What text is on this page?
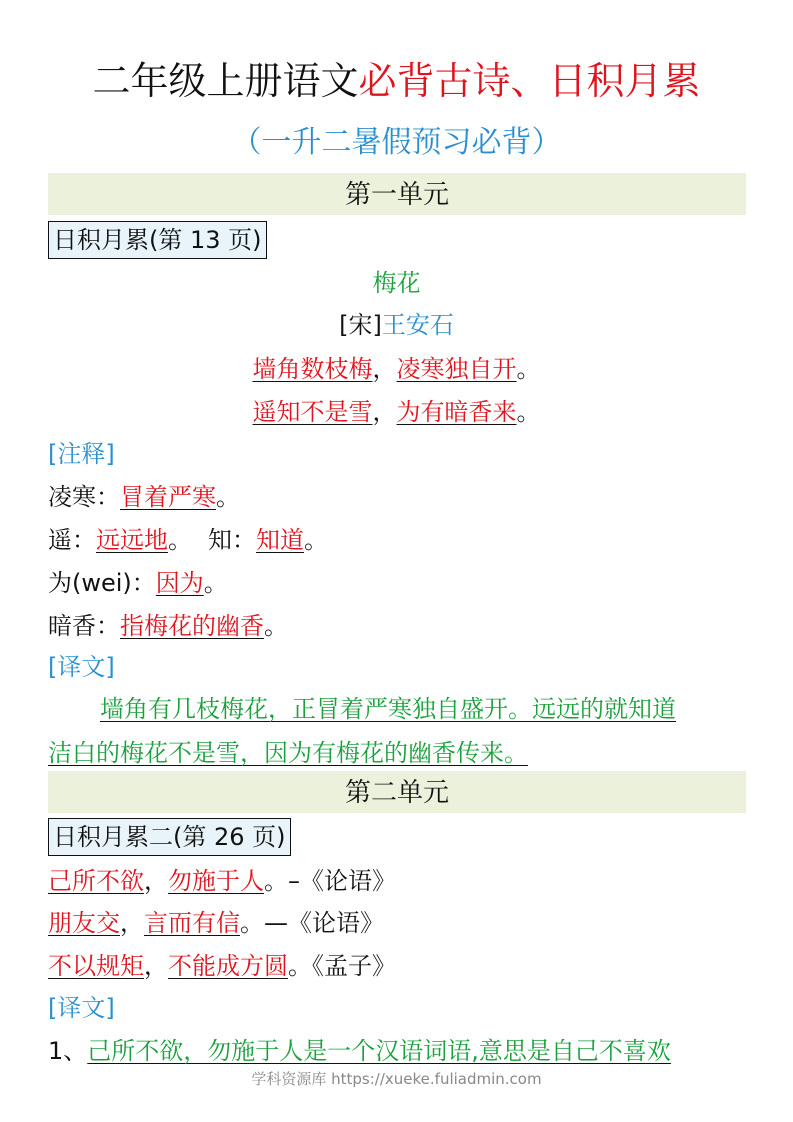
二年级上册语文必背古诗、日积月累
（一升二暑假预习必背）
第一单元
日积月累(第 13 页)
梅花
[宋]王安石
墙角数枝梅，凌寒独自开。
遥知不是雪，为有暗香来。
[注释]
凌寒：冒着严寒。
遥：远远地。 知：知道。
为(wei)：因为。
暗香：指梅花的幽香。
[译文]
墙角有几枝梅花，正冒着严寒独自盛开。远远的就知道
洁白的梅花不是雪，因为有梅花的幽香传来。
第二单元
日积月累二(第 26 页)
己所不欲，勿施于人。–《论语》
朋友交，言而有信。—《论语》
不以规矩，不能成方圆。《孟子》
[译文]
1、己所不欲，勿施于人是一个汉语词语,意思是自己不喜欢
学科资源库 https://xueke.fuliadmin.com
